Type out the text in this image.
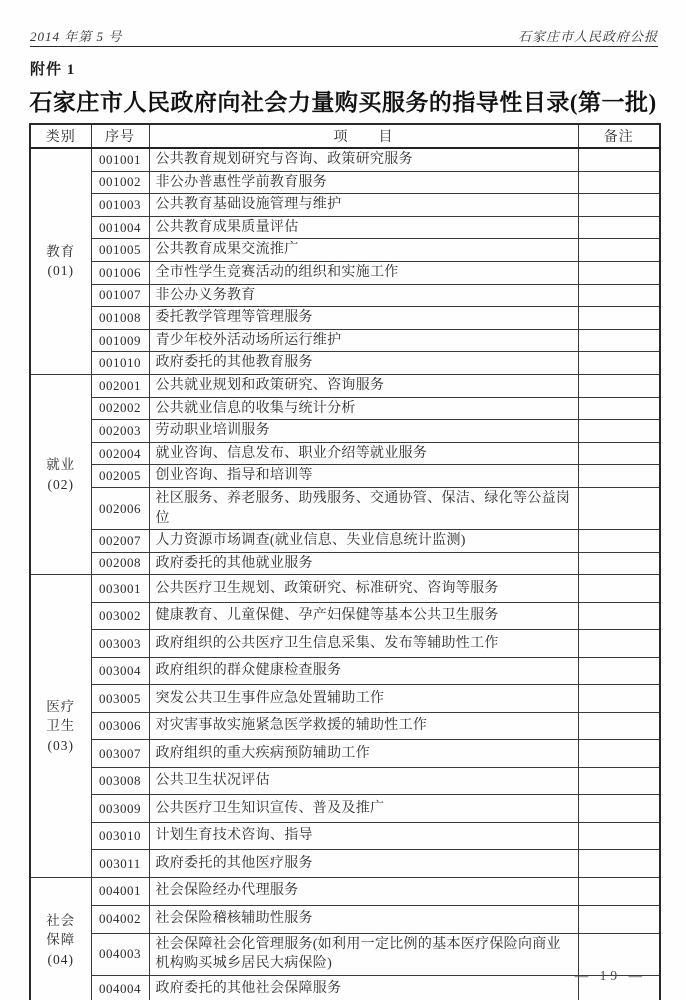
2014 年第 5 号	石家庄市人民政府公报
附件 1
石家庄市人民政府向社会力量购买服务的指导性目录(第一批)
类别	序号	项　　目	备注

教育
(01)	001001	公共教育规划研究与咨询、政策研究服务	
	001002	非公办普惠性学前教育服务	
	001003	公共教育基础设施管理与维护	
	001004	公共教育成果质量评估	
	001005	公共教育成果交流推广	
	001006	全市性学生竞赛活动的组织和实施工作	
	001007	非公办义务教育	
	001008	委托教学管理等管理服务	
	001009	青少年校外活动场所运行维护	
	001010	政府委托的其他教育服务	

就业
(02)	002001	公共就业规划和政策研究、咨询服务	
	002002	公共就业信息的收集与统计分析	
	002003	劳动职业培训服务	
	002004	就业咨询、信息发布、职业介绍等就业服务	
	002005	创业咨询、指导和培训等	
	002006	社区服务、养老服务、助残服务、交通协管、保洁、绿化等公益岗位	
	002007	人力资源市场调查(就业信息、失业信息统计监测)	
	002008	政府委托的其他就业服务	

医疗
卫生
(03)	003001	公共医疗卫生规划、政策研究、标准研究、咨询等服务	
	003002	健康教育、儿童保健、孕产妇保健等基本公共卫生服务	
	003003	政府组织的公共医疗卫生信息采集、发布等辅助性工作	
	003004	政府组织的群众健康检查服务	
	003005	突发公共卫生事件应急处置辅助工作	
	003006	对灾害事故实施紧急医学救援的辅助性工作	
	003007	政府组织的重大疾病预防辅助工作	
	003008	公共卫生状况评估	
	003009	公共医疗卫生知识宣传、普及及推广	
	003010	计划生育技术咨询、指导	
	003011	政府委托的其他医疗服务	

社会
保障
(04)	004001	社会保险经办代理服务	
	004002	社会保险稽核辅助性服务	
	004003	社会保障社会化管理服务(如利用一定比例的基本医疗保险向商业机构购买城乡居民大病保险)	
	004004	政府委托的其他社会保障服务	
— 19 —
